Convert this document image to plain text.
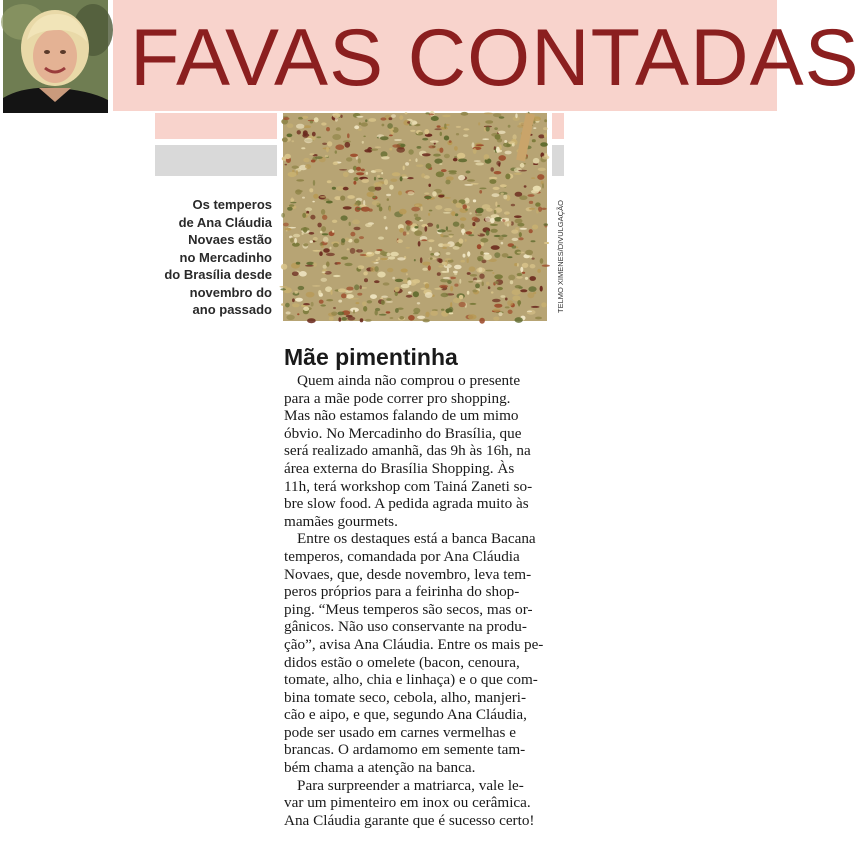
FAVAS CONTADAS
Os temperos
de Ana Cláudia
Novaes estão
no Mercadinho
do Brasília desde
novembro do
ano passado	TELMO XIMENES/DIVULGAÇÃO
Mãe pimentinha
Quem ainda não comprou o presente
para a mãe pode correr pro shopping.
Mas não estamos falando de um mimo
óbvio. No Mercadinho do Brasília, que
será realizado amanhã, das 9h às 16h, na
área externa do Brasília Shopping. Às
11h, terá workshop com Tainá Zaneti so-
bre slow food. A pedida agrada muito às
mamães gourmets.
Entre os destaques está a banca Bacana
temperos, comandada por Ana Cláudia
Novaes, que, desde novembro, leva tem-
peros próprios para a feirinha do shop-
ping. “Meus temperos são secos, mas or-
gânicos. Não uso conservante na produ-
ção”, avisa Ana Cláudia. Entre os mais pe-
didos estão o omelete (bacon, cenoura,
tomate, alho, chia e linhaça) e o que com-
bina tomate seco, cebola, alho, manjeri-
cão e aipo, e que, segundo Ana Cláudia,
pode ser usado em carnes vermelhas e
brancas. O ardamomo em semente tam-
bém chama a atenção na banca.
Para surpreender a matriarca, vale le-
var um pimenteiro em inox ou cerâmica.
Ana Cláudia garante que é sucesso certo!
